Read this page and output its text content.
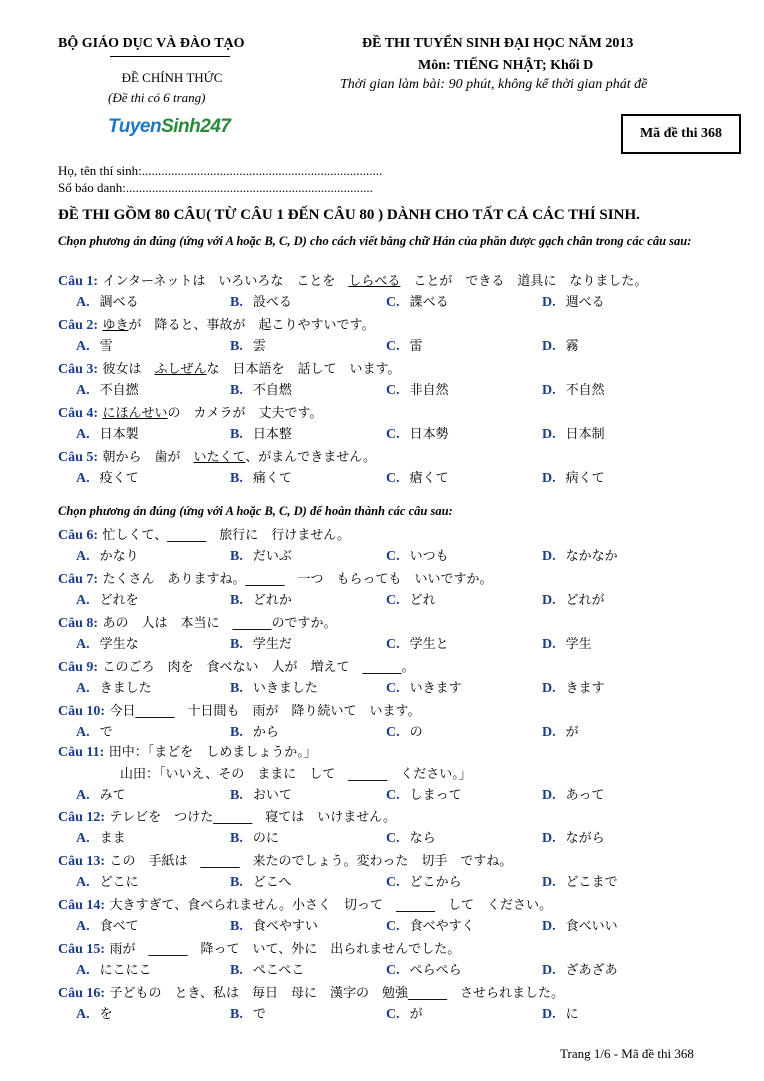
BỘ GIÁO DỤC VÀ ĐÀO TẠO
ĐỀ CHÍNH THỨC
(Đề thi có 6 trang)
TuyenSinh247
ĐỀ THI TUYỂN SINH ĐẠI HỌC NĂM 2013
Môn: TIẾNG NHẬT; Khối D
Thời gian làm bài: 90 phút, không kể thời gian phát đề
Mã đề thi 368
Họ, tên thí sinh:..........................................................................
Số báo danh:............................................................................
ĐỀ THI GỒM 80 CÂU( TỪ CÂU 1 ĐẾN CÂU 80 ) DÀNH CHO TẤT CẢ CÁC THÍ SINH.
Chọn phương án đúng (ứng với A hoặc B, C, D) cho cách viết bằng chữ Hán của phần được gạch chân trong các câu sau:
Chọn phương án đúng (ứng với A hoặc B, C, D) để hoàn thành các câu sau:
Câu 1: インターネットは　いろいろな　ことを　しらべる　ことが　できる　道具に　なりました。
A. 調べる	B. 設べる	C. 諜べる	D. 週べる
Câu 2: ゆきが　降ると、事故が　起こりやすいです。
A. 雪	B. 雲	C. 雷	D. 霧
Câu 3: 彼女は　ふしぜんな　日本語を　話して　います。
A. 不自撚	B. 不自燃	C. 非自然	D. 不自然
Câu 4: にほんせいの　カメラが　丈夫です。
A. 日本製	B. 日本整	C. 日本勢	D. 日本制
Câu 5: 朝から　歯が　いたくて、がまんできません。
A. 疫くて	B. 痛くて	C. 瘡くて	D. 病くて
Câu 6: 忙しくて、______　旅行に　行けません。
A. かなり	B. だいぶ	C. いつも	D. なかなか
Câu 7: たくさん　ありますね。______　一つ　もらっても　いいですか。
A. どれを	B. どれか	C. どれ	D. どれが
Câu 8: あの　人は　本当に　______のですか。
A. 学生な	B. 学生だ	C. 学生と	D. 学生
Câu 9: このごろ　肉を　食べない　人が　増えて　______。
A. きました	B. いきました	C. いきます	D. きます
Câu 10: 今日______　十日間も　雨が　降り続いて　います。
A. で	B. から	C. の	D. が
Câu 11: 田中：「まどを　しめましょうか。」
山田：「いいえ、その　ままに　して　______　ください。」
A. みて	B. おいて	C. しまって	D. あって
Câu 12: テレビを　つけた______　寝ては　いけません。
A. まま	B. のに	C. なら	D. ながら
Câu 13: この　手紙は　______　来たのでしょう。変わった　切手　ですね。
A. どこに	B. どこへ	C. どこから	D. どこまで
Câu 14: 大きすぎて、食べられません。小さく　切って　______　して　ください。
A. 食べて	B. 食べやすい	C. 食べやすく	D. 食べいい
Câu 15: 雨が　______　降って　いて、外に　出られませんでした。
A. にこにこ	B. ぺこぺこ	C. ぺらぺら	D. ざあざあ
Câu 16: 子どもの　とき、私は　毎日　母に　漢字の　勉強______　させられました。
A. を	B. で	C. が	D. に
Trang 1/6 - Mã đề thi 368
